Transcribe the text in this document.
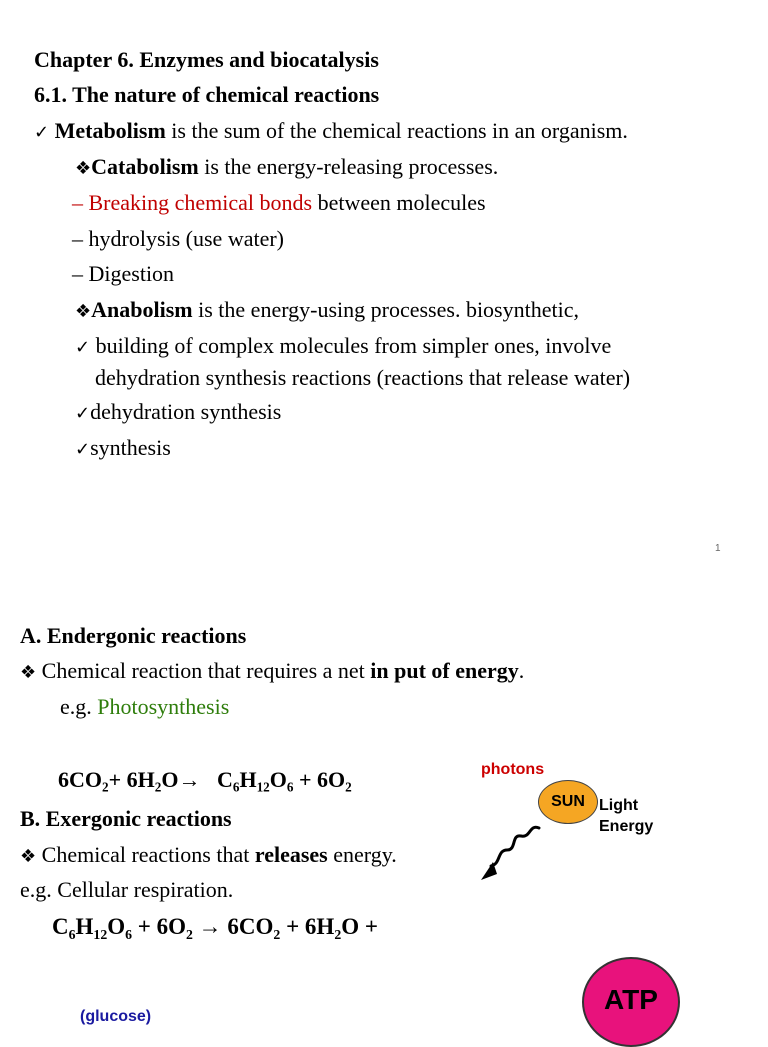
Chapter 6. Enzymes and biocatalysis
6.1. The nature of chemical reactions
✓ Metabolism is the sum of the chemical reactions in an organism.
❖Catabolism is the energy-releasing processes.
– Breaking chemical bonds between molecules
– hydrolysis (use water)
– Digestion
❖Anabolism is the energy-using processes. biosynthetic,
✓ building of complex molecules from simpler ones, involve
dehydration synthesis reactions (reactions that release water)
✓dehydration synthesis
✓synthesis
1
A. Endergonic reactions
❖ Chemical reaction that requires a net in put of energy.
e.g. Photosynthesis
$6CO_2+ 6H_2O\to C_6H_{12}O_6 + 6O_2$
B. Exergonic reactions
❖ Chemical reactions that releases energy.
e.g. Cellular respiration.
$C_6H_{12}O_6 + 6O_2 \to 6CO_2 + 6H_2O$ +
photons
SUN Light
Energy
ATP
(glucose)
